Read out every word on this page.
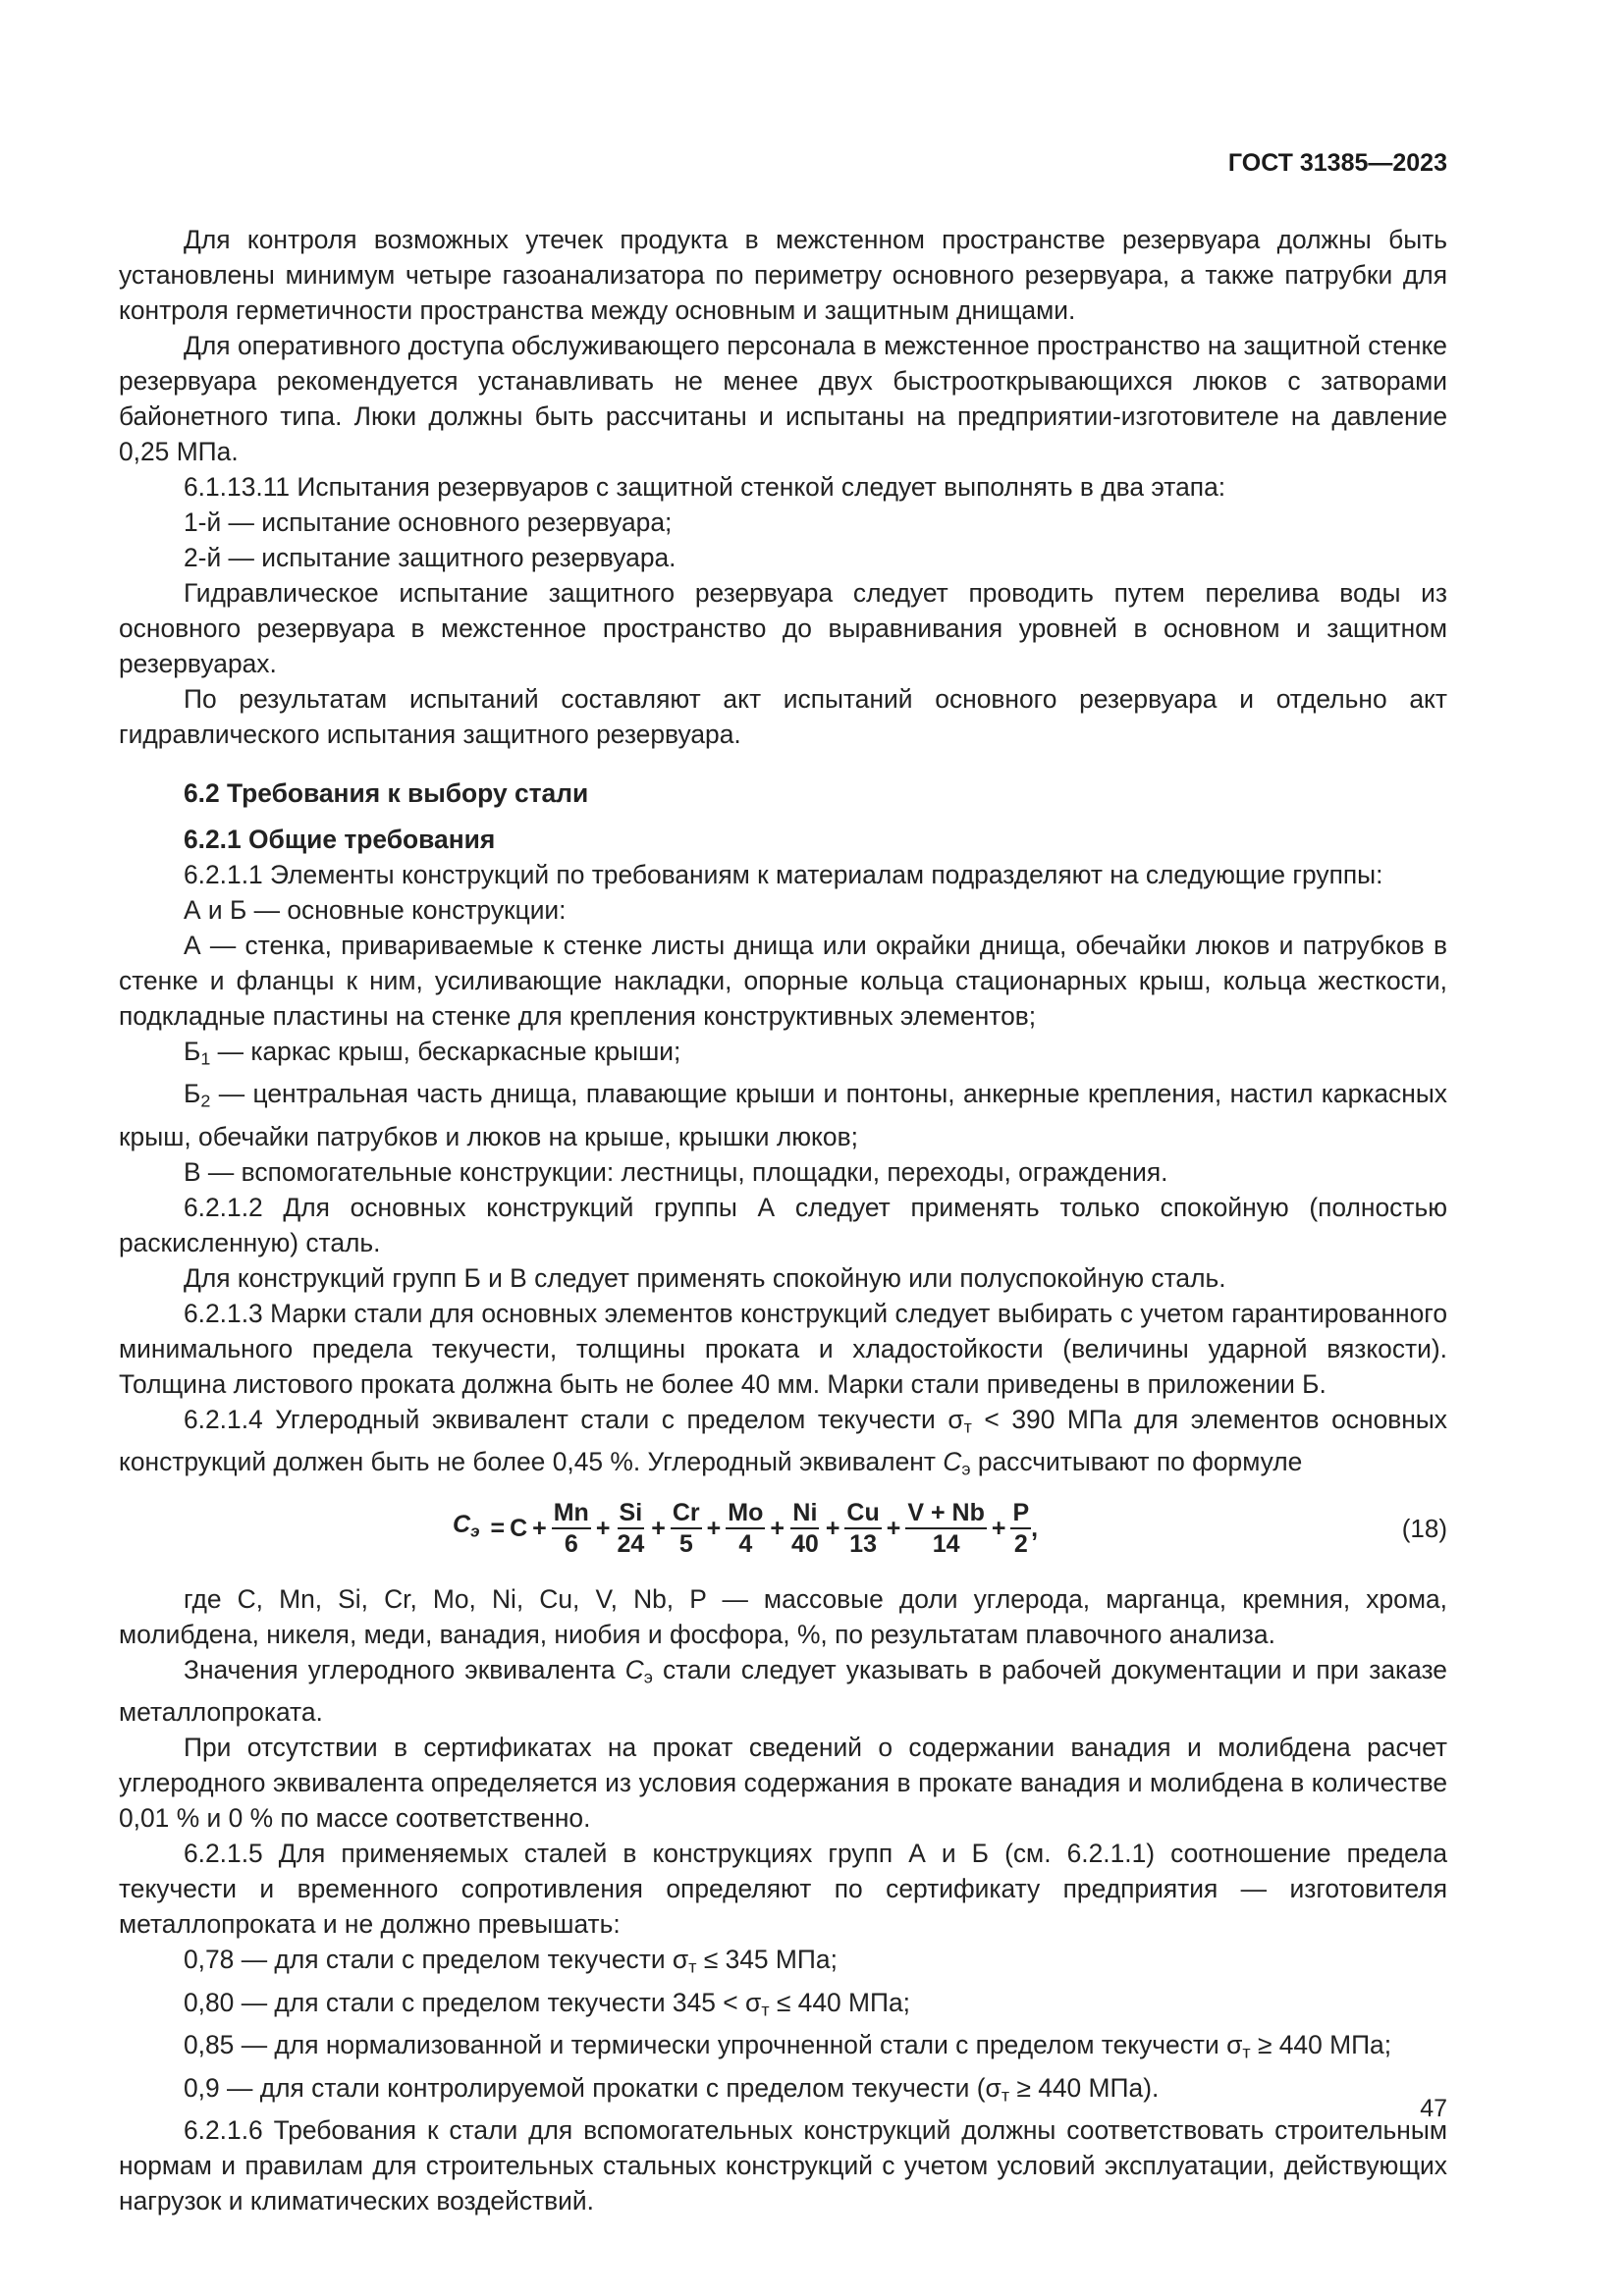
ГОСТ 31385—2023

Для контроля возможных утечек продукта в межстенном пространстве резервуара должны быть установлены минимум четыре газоанализатора по периметру основного резервуара, а также патрубки для контроля герметичности пространства между основным и защитным днищами.

Для оперативного доступа обслуживающего персонала в межстенное пространство на защитной стенке резервуара рекомендуется устанавливать не менее двух быстрооткрывающихся люков с затворами байонетного типа. Люки должны быть рассчитаны и испытаны на предприятии-изготовителе на давление 0,25 МПа.

6.1.13.11 Испытания резервуаров с защитной стенкой следует выполнять в два этапа:

1-й — испытание основного резервуара;

2-й — испытание защитного резервуара.

Гидравлическое испытание защитного резервуара следует проводить путем перелива воды из основного резервуара в межстенное пространство до выравнивания уровней в основном и защитном резервуарах.

По результатам испытаний составляют акт испытаний основного резервуара и отдельно акт гидравлического испытания защитного резервуара.

6.2 Требования к выбору стали

6.2.1 Общие требования

6.2.1.1 Элементы конструкций по требованиям к материалам подразделяют на следующие группы:

А и Б — основные конструкции:

А — стенка, привариваемые к стенке листы днища или окрайки днища, обечайки люков и патрубков в стенке и фланцы к ним, усиливающие накладки, опорные кольца стационарных крыш, кольца жесткости, подкладные пластины на стенке для крепления конструктивных элементов;

$Б_1$ — каркас крыш, бескаркасные крыши;

$Б_2$ — центральная часть днища, плавающие крыши и понтоны, анкерные крепления, настил каркасных крыш, обечайки патрубков и люков на крыше, крышки люков;

В — вспомогательные конструкции: лестницы, площадки, переходы, ограждения.

6.2.1.2 Для основных конструкций группы А следует применять только спокойную (полностью раскисленную) сталь.

Для конструкций групп Б и В следует применять спокойную или полуспокойную сталь.

6.2.1.3 Марки стали для основных элементов конструкций следует выбирать с учетом гарантированного минимального предела текучести, толщины проката и хладостойкости (величины ударной вязкости). Толщина листового проката должна быть не более 40 мм. Марки стали приведены в приложении Б.

6.2.1.4 Углеродный эквивалент стали с пределом текучести $\sigma_т < 390$ МПа для элементов основных конструкций должен быть не более 0,45 %. Углеродный эквивалент $C_э$ рассчитывают по формуле

$C_э = C + \frac{Mn}{6} + \frac{Si}{24} + \frac{Cr}{5} + \frac{Mo}{4} + \frac{Ni}{40} + \frac{Cu}{13} + \frac{V + Nb}{14} + \frac{P}{2}$ ,	(18)

где C, Mn, Si, Cr, Mo, Ni, Cu, V, Nb, P — массовые доли углерода, марганца, кремния, хрома, молибдена, никеля, меди, ванадия, ниобия и фосфора, %, по результатам плавочного анализа.

Значения углеродного эквивалента $C_э$ стали следует указывать в рабочей документации и при заказе металлопроката.

При отсутствии в сертификатах на прокат сведений о содержании ванадия и молибдена расчет углеродного эквивалента определяется из условия содержания в прокате ванадия и молибдена в количестве 0,01 % и 0 % по массе соответственно.

6.2.1.5 Для применяемых сталей в конструкциях групп А и Б (см. 6.2.1.1) соотношение предела текучести и временного сопротивления определяют по сертификату предприятия — изготовителя металлопроката и не должно превышать:

0,78 — для стали с пределом текучести $\sigma_т \le 345$ МПа;

0,80 — для стали с пределом текучести $345 < \sigma_т \le 440$ МПа;

0,85 — для нормализованной и термически упрочненной стали с пределом текучести $\sigma_т \ge 440$ МПа;

0,9 — для стали контролируемой прокатки с пределом текучести ($\sigma_т \ge 440$ МПа).

6.2.1.6 Требования к стали для вспомогательных конструкций должны соответствовать строительным нормам и правилам для строительных стальных конструкций с учетом условий эксплуатации, действующих нагрузок и климатических воздействий.

47
